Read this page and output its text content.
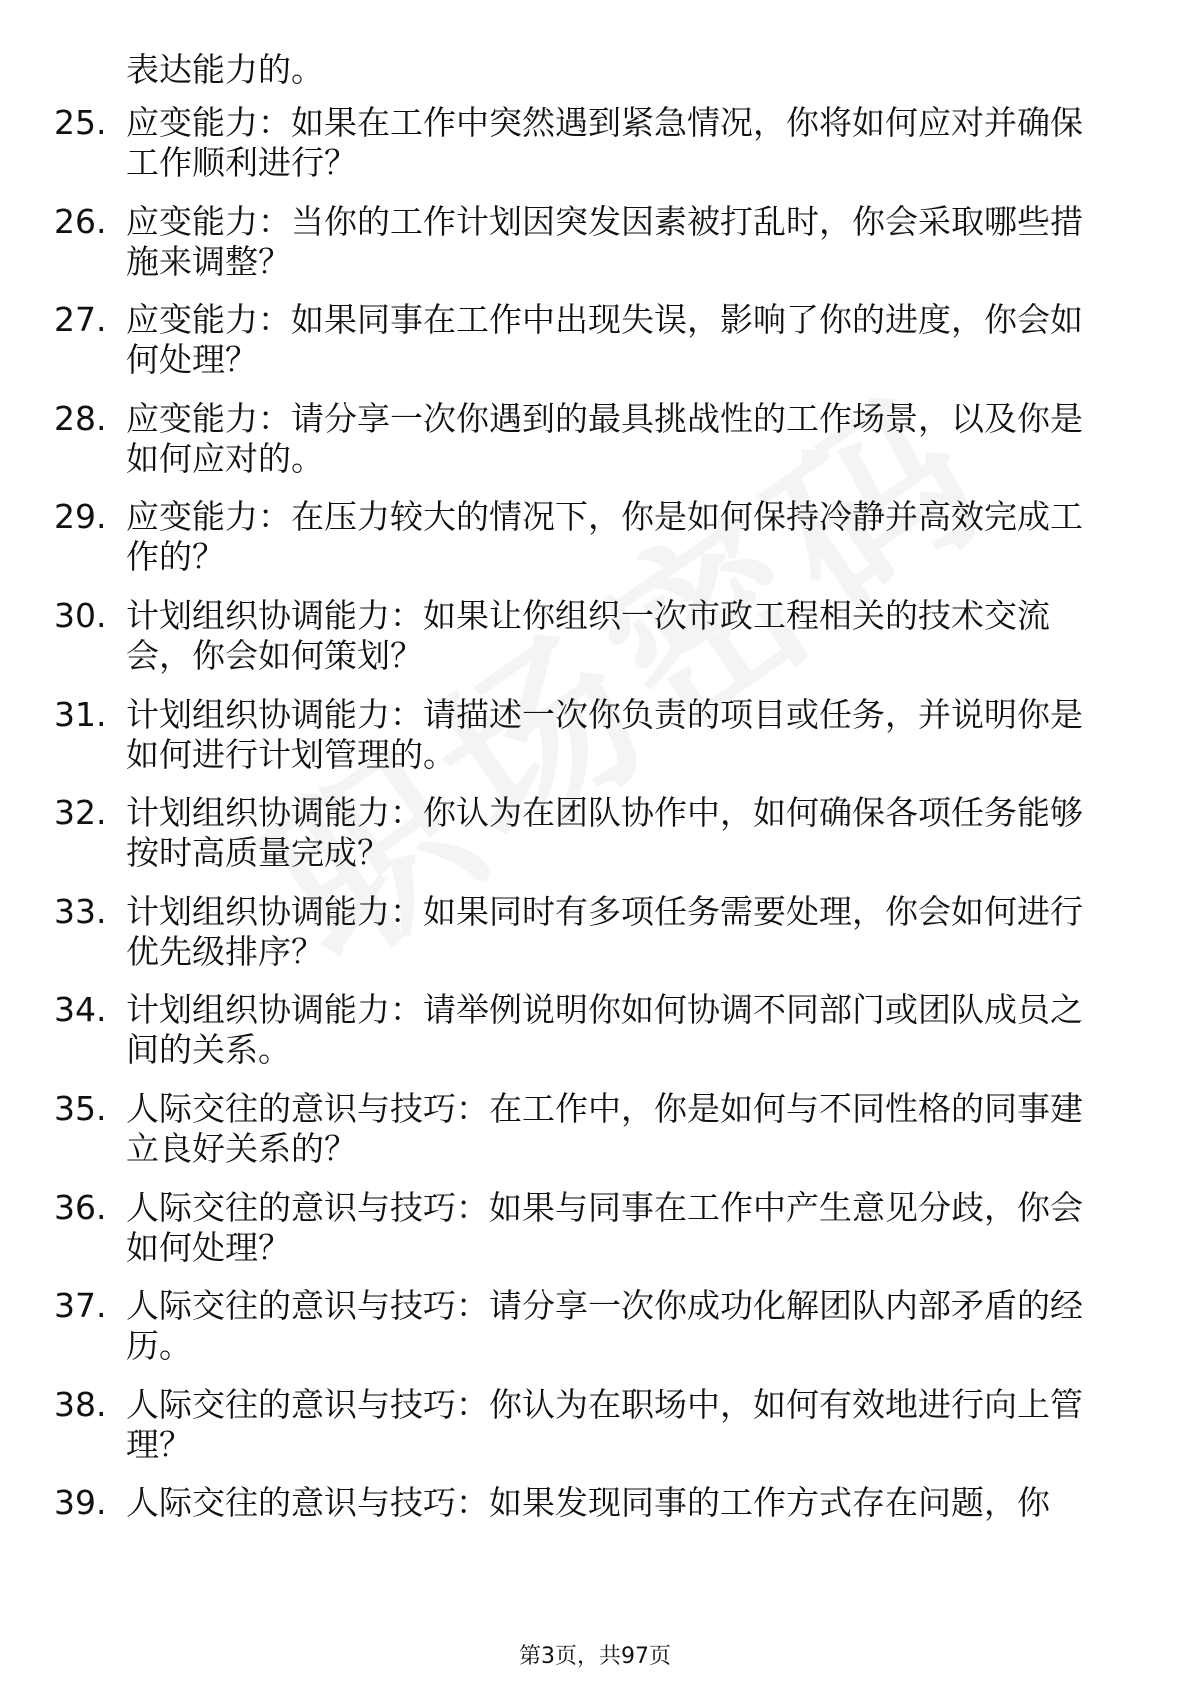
表达能力的。
25. 应变能力：如果在工作中突然遇到紧急情况，你将如何应对并确保工作顺利进行？
26. 应变能力：当你的工作计划因突发因素被打乱时，你会采取哪些措施来调整？
27. 应变能力：如果同事在工作中出现失误，影响了你的进度，你会如何处理？
28. 应变能力：请分享一次你遇到的最具挑战性的工作场景，以及你是如何应对的。
29. 应变能力：在压力较大的情况下，你是如何保持冷静并高效完成工作的？
30. 计划组织协调能力：如果让你组织一次市政工程相关的技术交流会，你会如何策划？
31. 计划组织协调能力：请描述一次你负责的项目或任务，并说明你是如何进行计划管理的。
32. 计划组织协调能力：你认为在团队协作中，如何确保各项任务能够按时高质量完成？
33. 计划组织协调能力：如果同时有多项任务需要处理，你会如何进行优先级排序？
34. 计划组织协调能力：请举例说明你如何协调不同部门或团队成员之间的关系。
35. 人际交往的意识与技巧：在工作中，你是如何与不同性格的同事建立良好关系的？
36. 人际交往的意识与技巧：如果与同事在工作中产生意见分歧，你会如何处理？
37. 人际交往的意识与技巧：请分享一次你成功化解团队内部矛盾的经历。
38. 人际交往的意识与技巧：你认为在职场中，如何有效地进行向上管理？
39. 人际交往的意识与技巧：如果发现同事的工作方式存在问题，你
第3页，共97页
